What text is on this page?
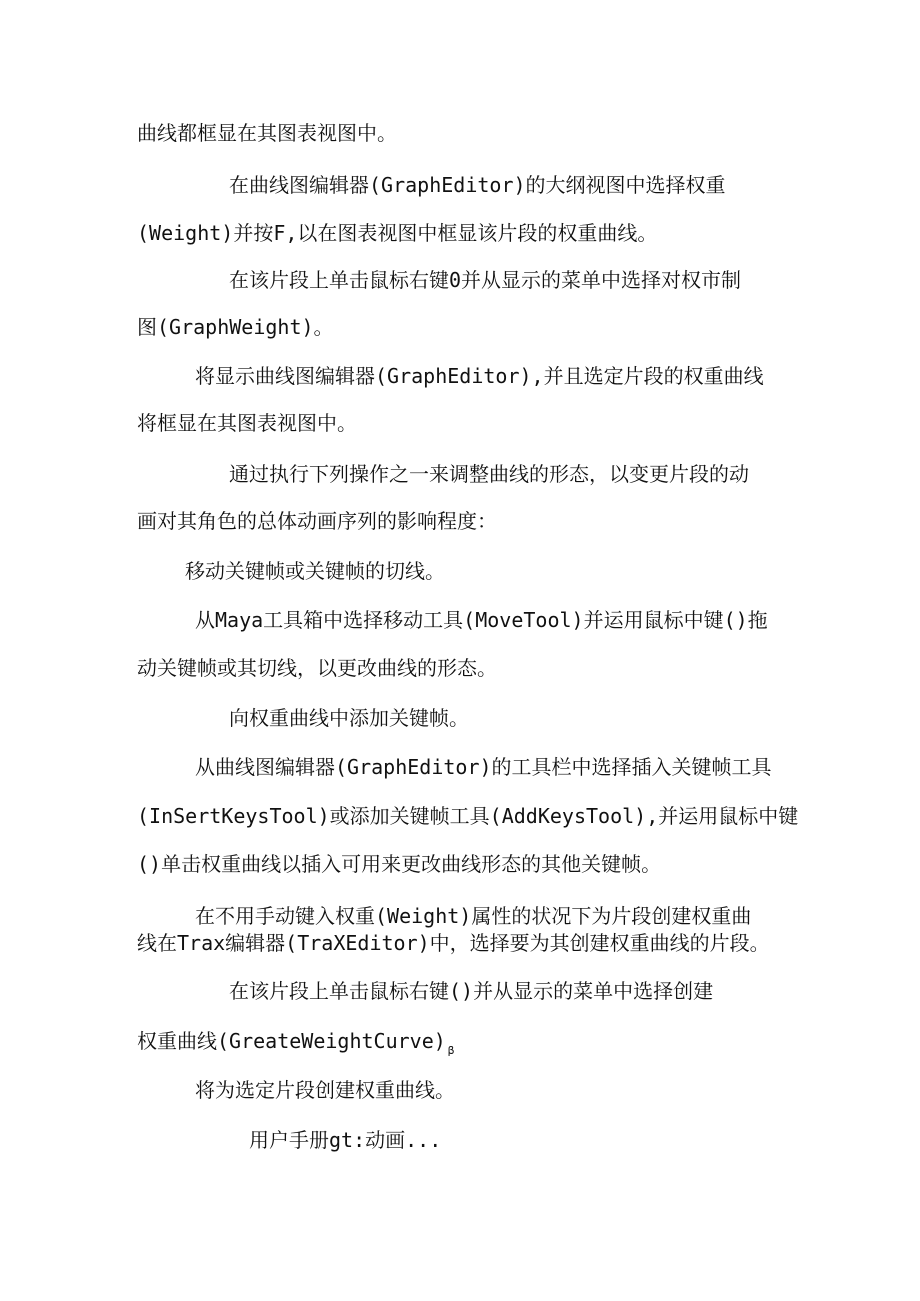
曲线都框显在其图表视图中。
在曲线图编辑器(GraphEditor)的大纲视图中选择权重
(Weight)并按F,以在图表视图中框显该片段的权重曲线。
在该片段上单击鼠标右键0并从显示的菜单中选择对权市制
图(GraphWeight)。
将显示曲线图编辑器(GraphEditor),并且选定片段的权重曲线
将框显在其图表视图中。
通过执行下列操作之一来调整曲线的形态，以变更片段的动
画对其角色的总体动画序列的影响程度：
移动关键帧或关键帧的切线。
从Maya工具箱中选择移动工具(MoveTool)并运用鼠标中键()拖
动关键帧或其切线，以更改曲线的形态。
向权重曲线中添加关键帧。
从曲线图编辑器(GraphEditor)的工具栏中选择插入关键帧工具
(InSertKeysTool)或添加关键帧工具(AddKeysTool),并运用鼠标中键
()单击权重曲线以插入可用来更改曲线形态的其他关键帧。
在不用手动键入权重(Weight)属性的状况下为片段创建权重曲
线在Trax编辑器(TraXEditor)中，选择要为其创建权重曲线的片段。
在该片段上单击鼠标右键()并从显示的菜单中选择创建
权重曲线(GreateWeightCurve) $_\beta$
将为选定片段创建权重曲线。
用户手册gt:动画...
